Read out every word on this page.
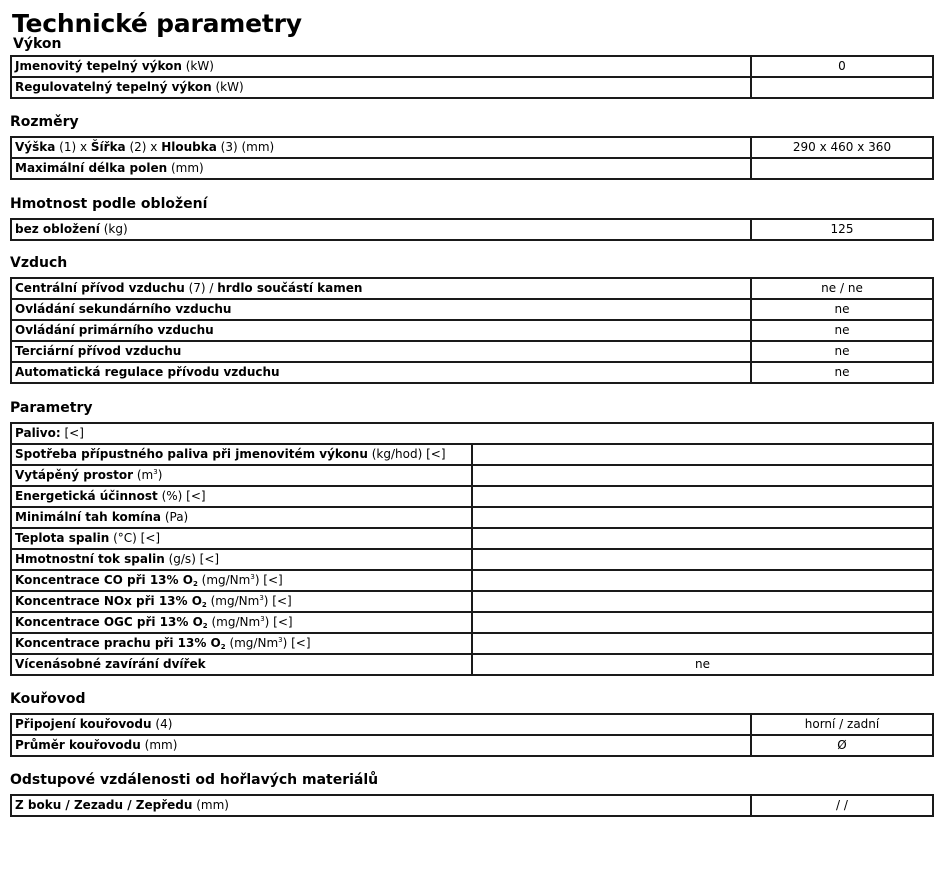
Technické parametry
Výkon
Jmenovitý tepelný výkon (kW)	0
Regulovatelný tepelný výkon (kW)	
Rozměry
Výška (1) x Šířka (2) x Hloubka (3) (mm)	290 x 460 x 360
Maximální délka polen (mm)	
Hmotnost podle obložení
bez obložení (kg)	125
Vzduch
Centrální přívod vzduchu (7) / hrdlo součástí kamen	ne / ne
Ovládání sekundárního vzduchu	ne
Ovládání primárního vzduchu	ne
Terciární přívod vzduchu	ne
Automatická regulace přívodu vzduchu	ne
Parametry
Palivo: [<]	
Spotřeba přípustného paliva při jmenovitém výkonu (kg/hod) [<]	
Vytápěný prostor $(m^3)$	
Energetická účinnost (%) [<]	
Minimální tah komína (Pa)	
Teplota spalin (°C) [<]	
Hmotnostní tok spalin (g/s) [<]	
Koncentrace CO při 13% $O_2$ (mg/Nm$^3$) [<]	
Koncentrace NOx při 13% $O_2$ (mg/Nm$^3$) [<]	
Koncentrace OGC při 13% $O_2$ (mg/Nm$^3$) [<]	
Koncentrace prachu při 13% $O_2$ (mg/Nm$^3$) [<]	
Vícenásobné zavírání dvířek	ne
Kouřovod
Připojení kouřovodu (4)	horní / zadní
Průměr kouřovodu (mm)	Ø
Odstupové vzdálenosti od hořlavých materiálů
Z boku / Zezadu / Zepředu (mm)	/ /
